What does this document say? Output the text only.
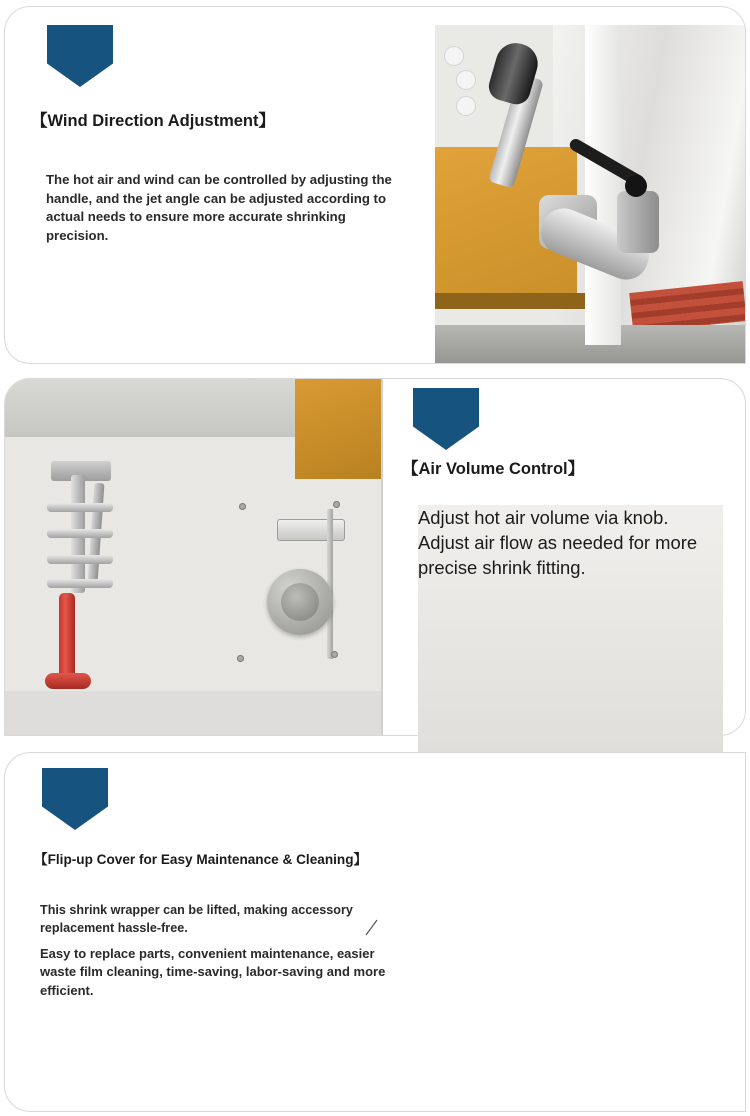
【Wind Direction Adjustment】
The hot air and wind can be controlled by adjusting the handle, and the jet angle can be adjusted according to actual needs to ensure more accurate shrinking precision.
【Air Volume Control】
Adjust hot air volume via knob. Adjust air flow as needed for more precise shrink fitting.
【Flip-up Cover for Easy Maintenance & Cleaning】
This shrink wrapper can be lifted, making accessory replacement hassle-free.
Easy to replace parts, convenient maintenance, easier waste film cleaning, time-saving, labor-saving and more efficient.
